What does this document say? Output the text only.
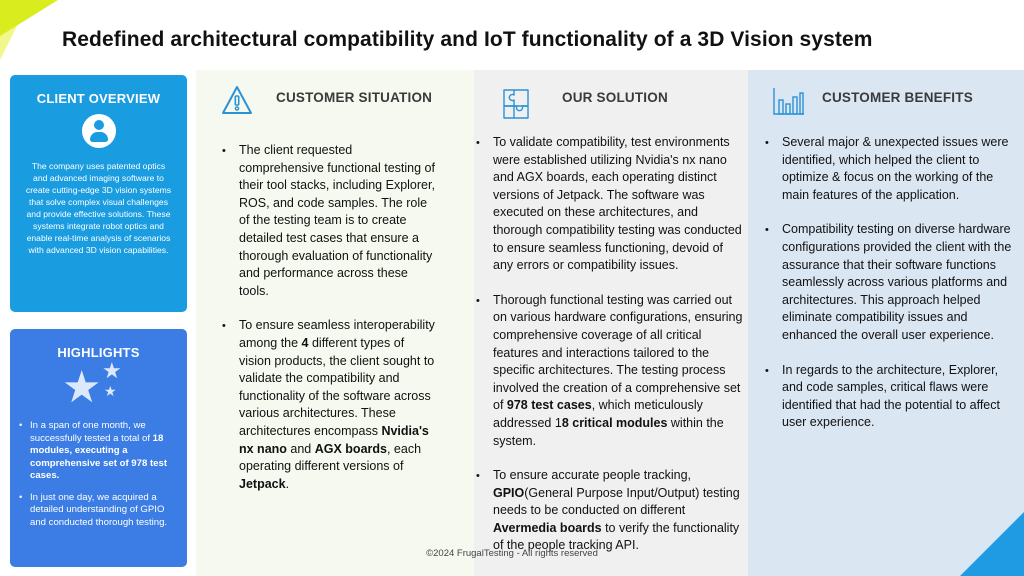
Redefined architectural compatibility and IoT functionality of a 3D Vision system
CLIENT OVERVIEW

The company uses patented optics and advanced imaging software to create cutting-edge 3D vision systems that solve complex visual challenges and provide effective solutions. These systems integrate robot optics and enable real-time analysis of scenarios with advanced 3D vision capabilities.

HIGHLIGHTS
★ ★
★
• In a span of one month, we successfully tested a total of 18 modules, executing a comprehensive set of 978 test cases.
• In just one day, we acquired a detailed understanding of GPIO and conducted thorough testing.
CUSTOMER SITUATION
• The client requested comprehensive functional testing of their tool stacks, including Explorer, ROS, and code samples. The role of the testing team is to create detailed test cases that ensure a thorough evaluation of functionality and performance across these tools.
• To ensure seamless interoperability among the 4 different types of vision products, the client sought to validate the compatibility and functionality of the software across various architectures. These architectures encompass Nvidia's nx nano and AGX boards, each operating different versions of Jetpack.
OUR SOLUTION
• To validate compatibility, test environments were established utilizing Nvidia's nx nano and AGX boards, each operating distinct versions of Jetpack. The software was executed on these architectures, and thorough compatibility testing was conducted to ensure seamless functioning, devoid of any errors or compatibility issues.
• Thorough functional testing was carried out on various hardware configurations, ensuring comprehensive coverage of all critical features and interactions tailored to the specific architectures. The testing process involved the creation of a comprehensive set of 978 test cases, which meticulously addressed 18 critical modules within the system.
• To ensure accurate people tracking, GPIO(General Purpose Input/Output) testing needs to be conducted on different Avermedia boards to verify the functionality of the people tracking API.
CUSTOMER BENEFITS
• Several major & unexpected issues were identified, which helped the client to optimize & focus on the working of the main features of the application.
• Compatibility testing on diverse hardware configurations provided the client with the assurance that their software functions seamlessly across various platforms and architectures. This approach helped eliminate compatibility issues and enhanced the overall user experience.
• In regards to the architecture, Explorer, and code samples, critical flaws were identified that had the potential to affect user experience.
©2024 FrugalTesting - All rights reserved
